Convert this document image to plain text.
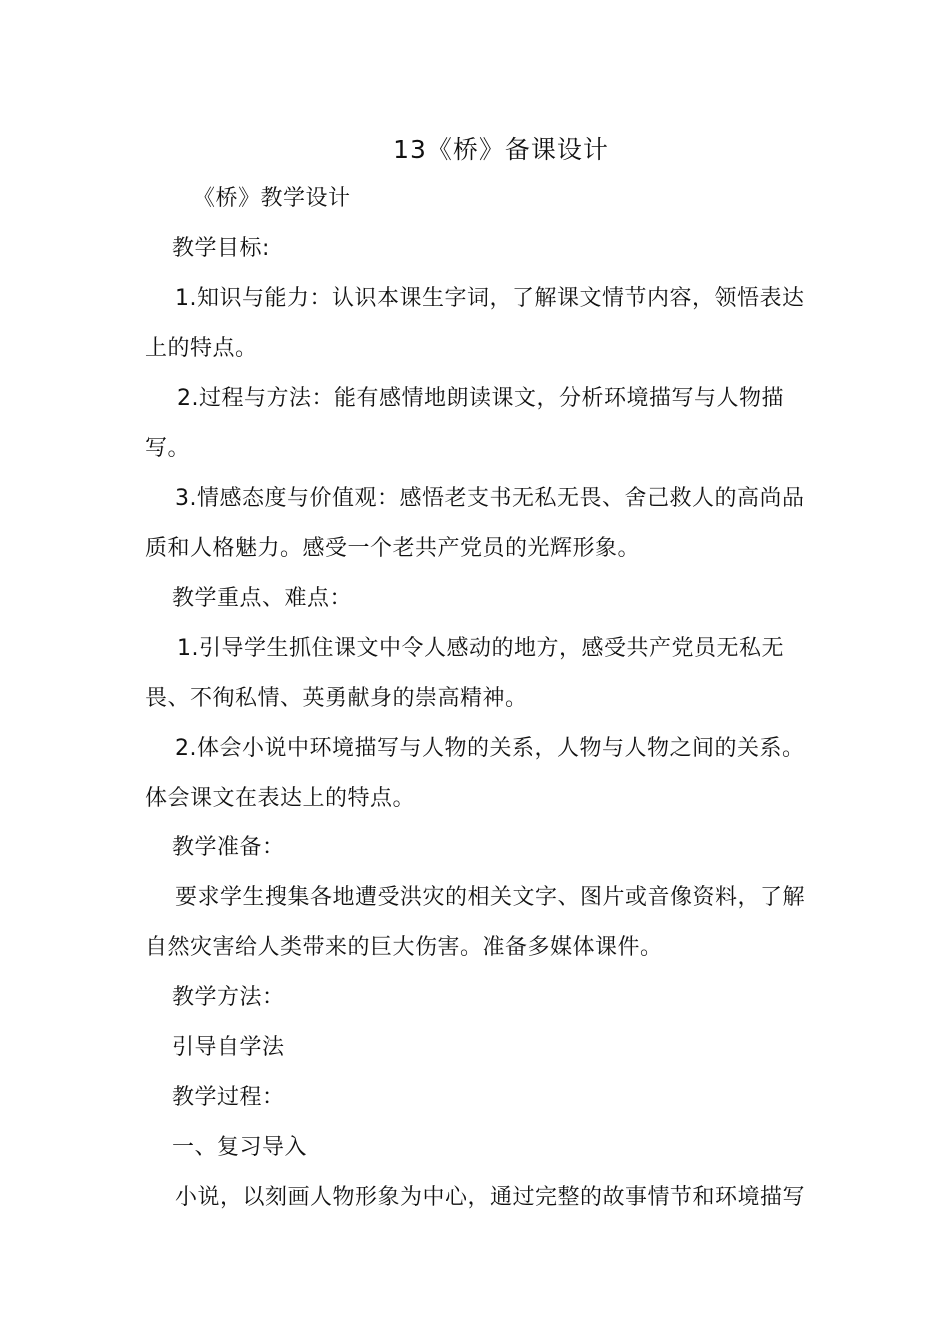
13《桥》备课设计
《桥》教学设计
教学目标:
1.知识与能力：认识本课生字词，了解课文情节内容，领悟表达
上的特点。
2.过程与方法：能有感情地朗读课文，分析环境描写与人物描
写。
3.情感态度与价值观：感悟老支书无私无畏、舍己救人的高尚品
质和人格魅力。感受一个老共产党员的光辉形象。
教学重点、难点：
1.引导学生抓住课文中令人感动的地方，感受共产党员无私无
畏、不徇私情、英勇献身的崇高精神。
2.体会小说中环境描写与人物的关系，人物与人物之间的关系。
体会课文在表达上的特点。
教学准备：
要求学生搜集各地遭受洪灾的相关文字、图片或音像资料，了解
自然灾害给人类带来的巨大伤害。准备多媒体课件。
教学方法：
引导自学法
教学过程：
一、复习导入
小说，以刻画人物形象为中心，通过完整的故事情节和环境描写
